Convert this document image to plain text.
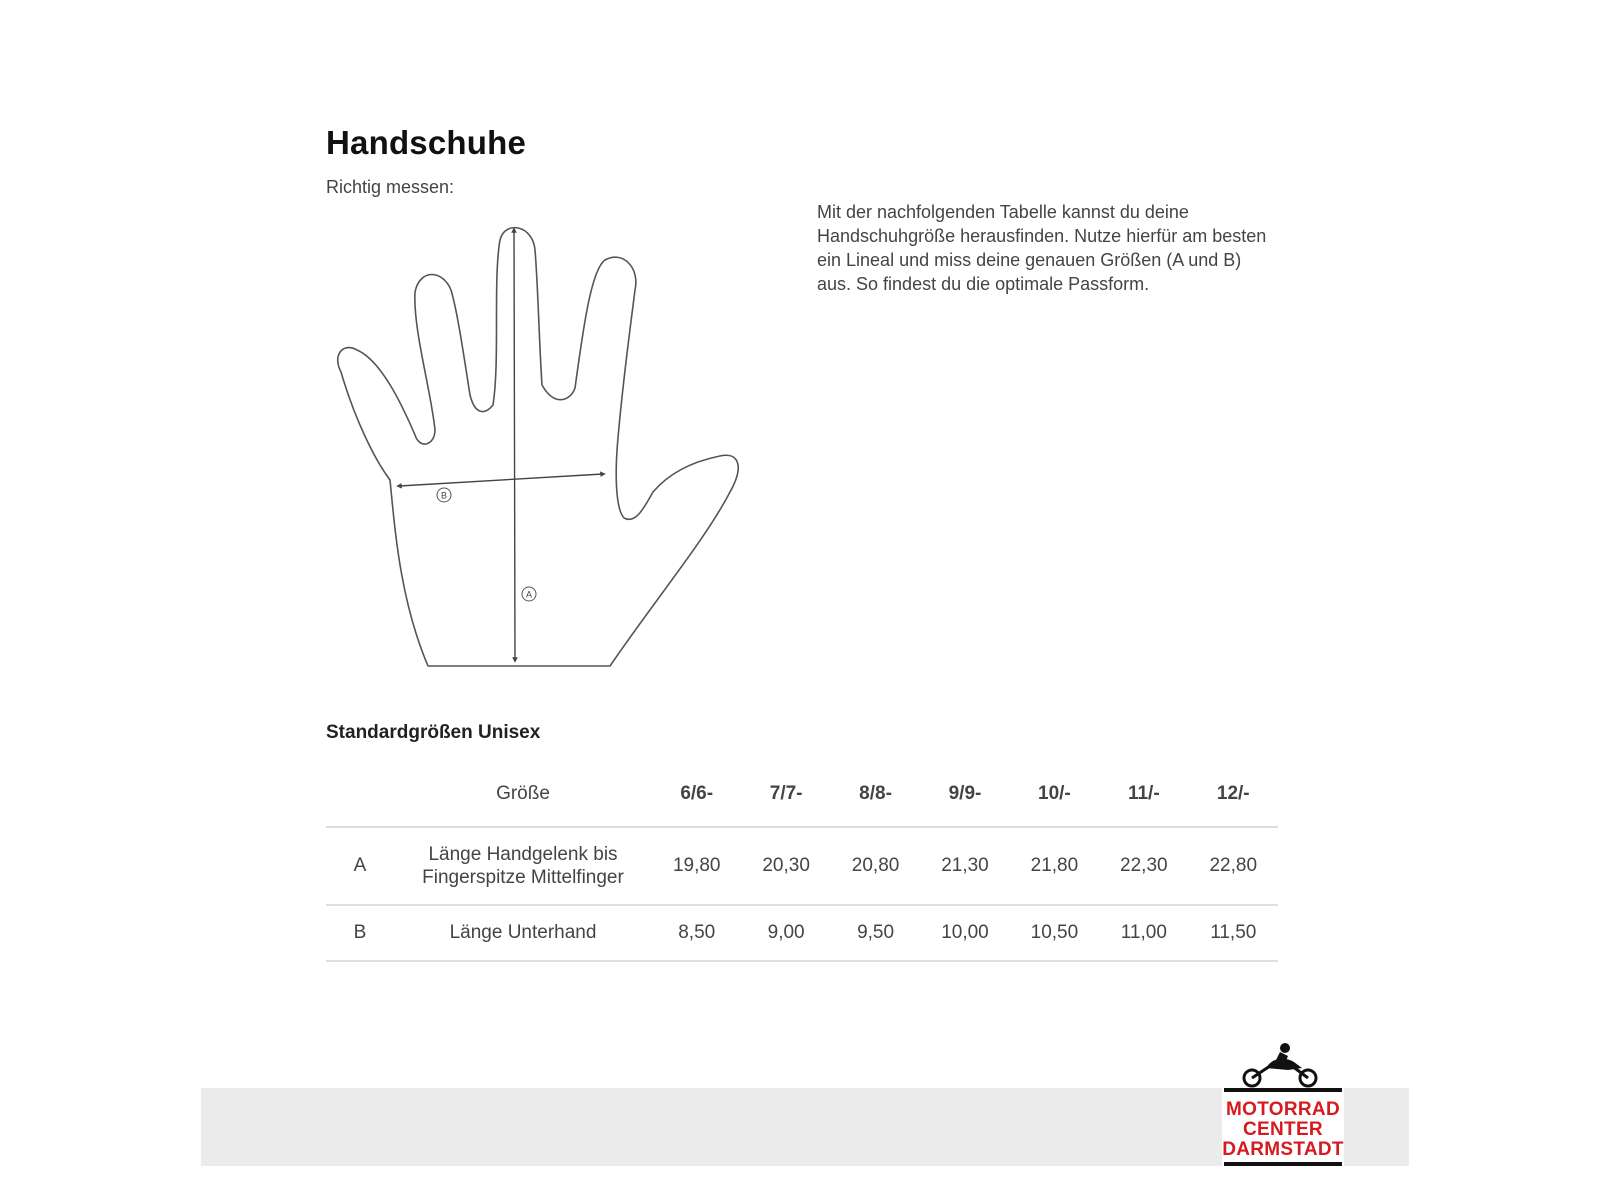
Handschuhe
Richtig messen:

Mit der nachfolgenden Tabelle kannst du deine Handschuhgröße herausfinden. Nutze hierfür am besten ein Lineal und miss deine genauen Größen (A und B) aus. So findest du die optimale Passform.

A
B
Standardgrößen Unisex
	Größe	6/6-	7/7-	8/8-	9/9-	10/-	11/-	12/-
A	Länge Handgelenk bis
Fingerspitze Mittelfinger	19,80	20,30	20,80	21,30	21,80	22,30	22,80
B	Länge Unterhand	8,50	9,00	9,50	10,00	10,50	11,00	11,50
MOTORRAD
CENTER
DARMSTADT
